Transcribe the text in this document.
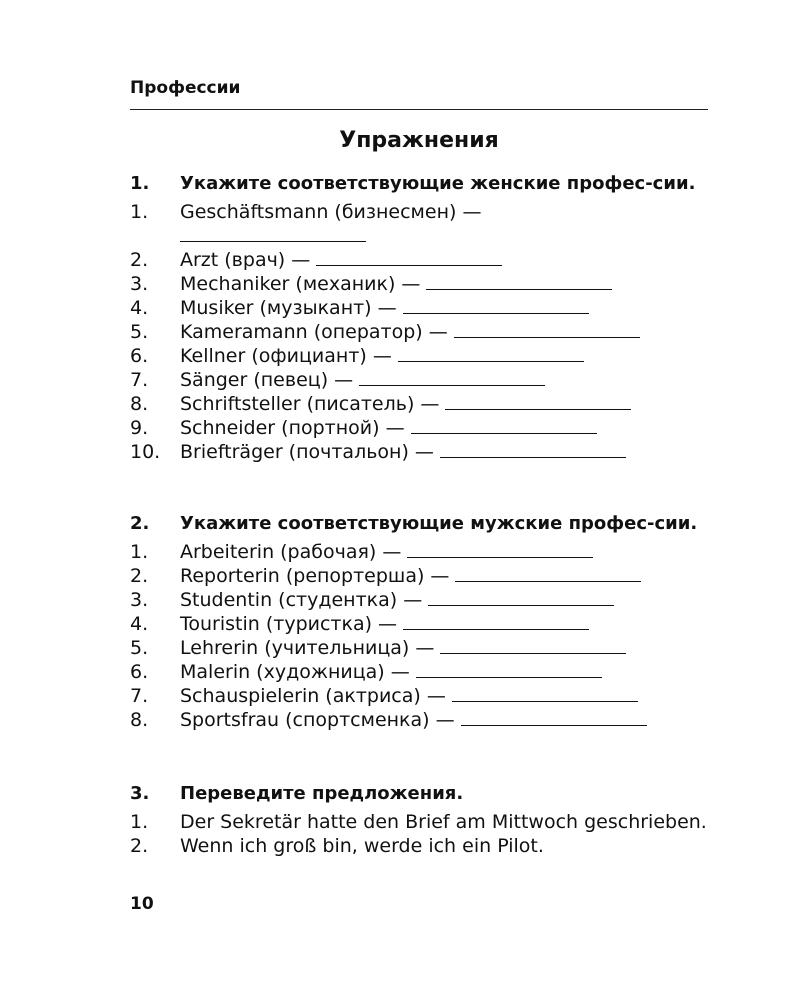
Профессии
Упражнения
1. Укажите соответствующие женские профес-сии.
1. Geschäftsmann (бизнесмен) —
2. Arzt (врач) —
3. Mechaniker (механик) —
4. Musiker (музыкант) —
5. Kameramann (оператор) —
6. Kellner (официант) —
7. Sänger (певец) —
8. Schriftsteller (писатель) —
9. Schneider (портной) —
10. Briefträger (почтальон) —
2. Укажите соответствующие мужские профес-сии.
1. Arbeiterin (рабочая) —
2. Reporterin (репортерша) —
3. Studentin (студентка) —
4. Touristin (туристка) —
5. Lehrerin (учительница) —
6. Malerin (художница) —
7. Schauspielerin (актриса) —
8. Sportsfrau (спортсменка) —
3. Переведите предложения.
1. Der Sekretär hatte den Brief am Mittwoch geschrieben.
2. Wenn ich groß bin, werde ich ein Pilot.
10
